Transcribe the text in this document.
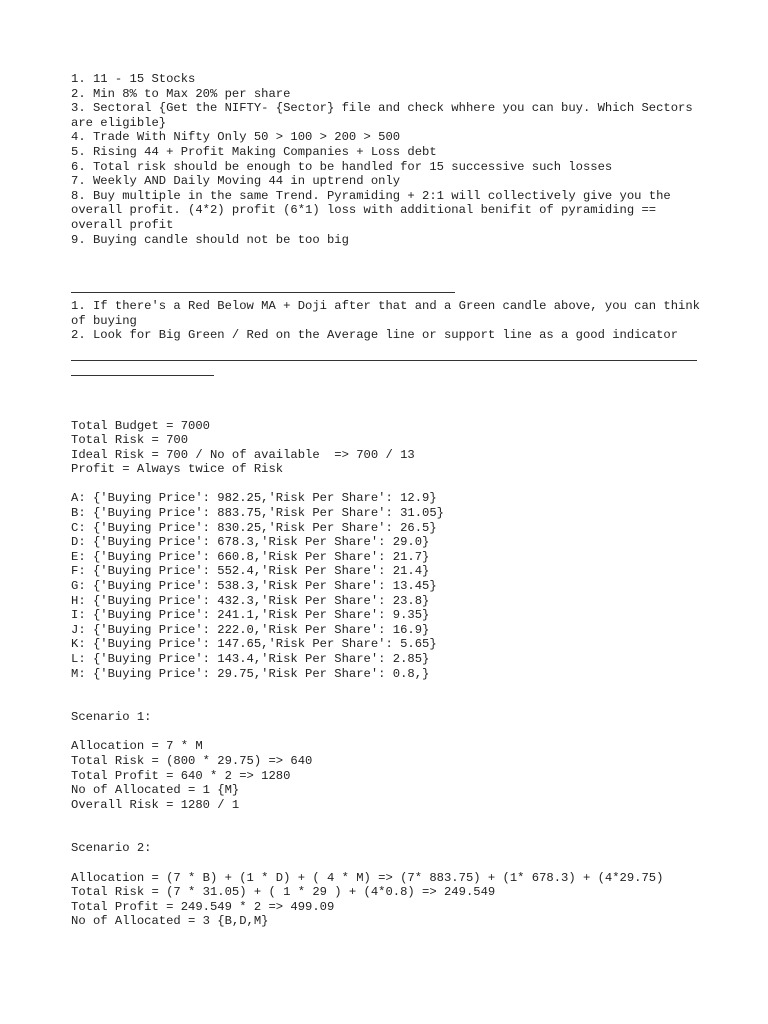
1. 11 - 15 Stocks
2. Min 8% to Max 20% per share
3. Sectoral {Get the NIFTY- {Sector} file and check whhere you can buy. Which Sectors are eligible}
4. Trade With Nifty Only 50 > 100 > 200 > 500
5. Rising 44 + Profit Making Companies + Loss debt
6. Total risk should be enough to be handled for 15 successive such losses
7. Weekly AND Daily Moving 44 in uptrend only
8. Buy multiple in the same Trend. Pyramiding + 2:1 will collectively give you the overall profit. (4*2) profit (6*1) loss with additional benifit of pyramiding == overall profit
9. Buying candle should not be too big
1. If there's a Red Below MA + Doji after that and a Green candle above, you can think of buying
2. Look for Big Green / Red on the Average line or support line as a good indicator
Total Budget = 7000
Total Risk = 700
Ideal Risk = 700 / No of available  => 700 / 13
Profit = Always twice of Risk
A: {'Buying Price': 982.25,'Risk Per Share': 12.9}
B: {'Buying Price': 883.75,'Risk Per Share': 31.05}
C: {'Buying Price': 830.25,'Risk Per Share': 26.5}
D: {'Buying Price': 678.3,'Risk Per Share': 29.0}
E: {'Buying Price': 660.8,'Risk Per Share': 21.7}
F: {'Buying Price': 552.4,'Risk Per Share': 21.4}
G: {'Buying Price': 538.3,'Risk Per Share': 13.45}
H: {'Buying Price': 432.3,'Risk Per Share': 23.8}
I: {'Buying Price': 241.1,'Risk Per Share': 9.35}
J: {'Buying Price': 222.0,'Risk Per Share': 16.9}
K: {'Buying Price': 147.65,'Risk Per Share': 5.65}
L: {'Buying Price': 143.4,'Risk Per Share': 2.85}
M: {'Buying Price': 29.75,'Risk Per Share': 0.8,}
Scenario 1:
Allocation = 7 * M
Total Risk = (800 * 29.75) => 640
Total Profit = 640 * 2 => 1280
No of Allocated = 1 {M}
Overall Risk = 1280 / 1
Scenario 2:
Allocation = (7 * B) + (1 * D) + ( 4 * M) => (7* 883.75) + (1* 678.3) + (4*29.75)
Total Risk = (7 * 31.05) + ( 1 * 29 ) + (4*0.8) => 249.549
Total Profit = 249.549 * 2 => 499.09
No of Allocated = 3 {B,D,M}
